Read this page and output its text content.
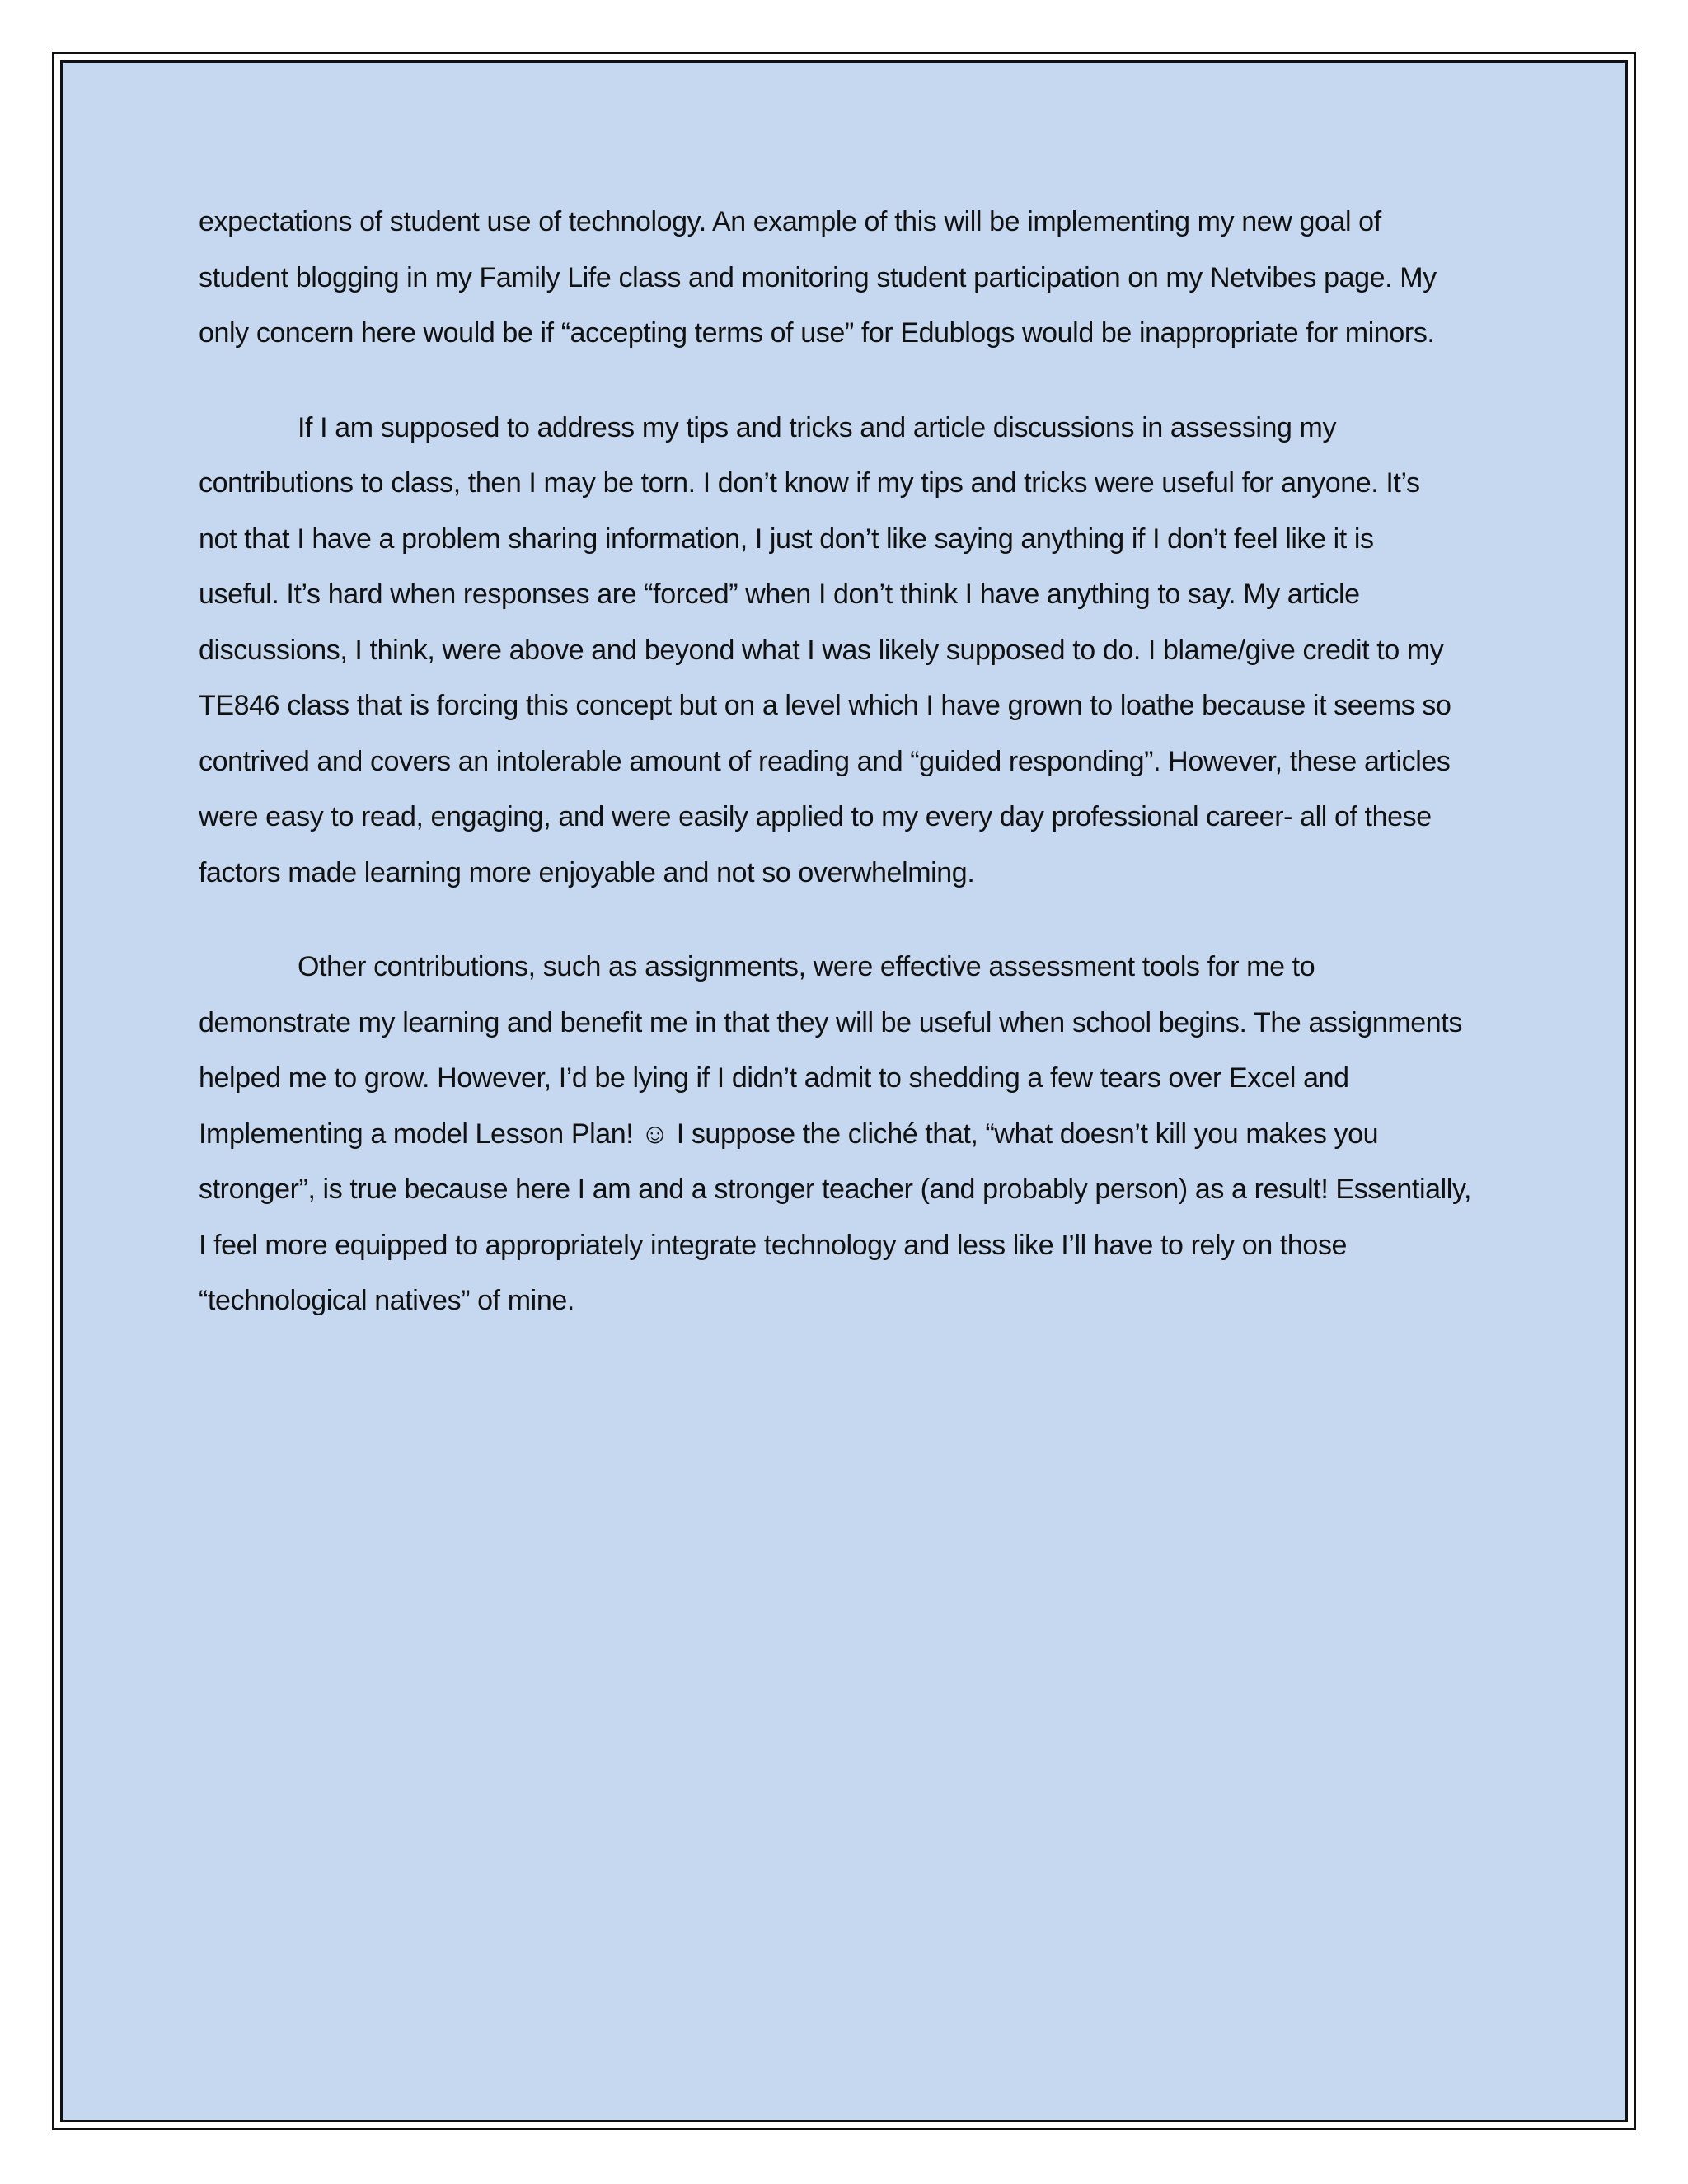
expectations of student use of technology. An example of this will be implementing my new goal of
student blogging in my Family Life class and monitoring student participation on my Netvibes page. My
only concern here would be if “accepting terms of use” for Edublogs would be inappropriate for minors.
If I am supposed to address my tips and tricks and article discussions in assessing my
contributions to class, then I may be torn. I don’t know if my tips and tricks were useful for anyone. It’s
not that I have a problem sharing information, I just don’t like saying anything if I don’t feel like it is
useful. It’s hard when responses are “forced” when I don’t think I have anything to say. My article
discussions, I think, were above and beyond what I was likely supposed to do. I blame/give credit to my
TE846 class that is forcing this concept but on a level which I have grown to loathe because it seems so
contrived and covers an intolerable amount of reading and “guided responding”. However, these articles
were easy to read, engaging, and were easily applied to my every day professional career- all of these
factors made learning more enjoyable and not so overwhelming.
Other contributions, such as assignments, were effective assessment tools for me to
demonstrate my learning and benefit me in that they will be useful when school begins. The assignments
helped me to grow. However, I’d be lying if I didn’t admit to shedding a few tears over Excel and
Implementing a model Lesson Plan! ☺ I suppose the cliché that, “what doesn’t kill you makes you
stronger”, is true because here I am and a stronger teacher (and probably person) as a result! Essentially,
I feel more equipped to appropriately integrate technology and less like I’ll have to rely on those
“technological natives” of mine.
